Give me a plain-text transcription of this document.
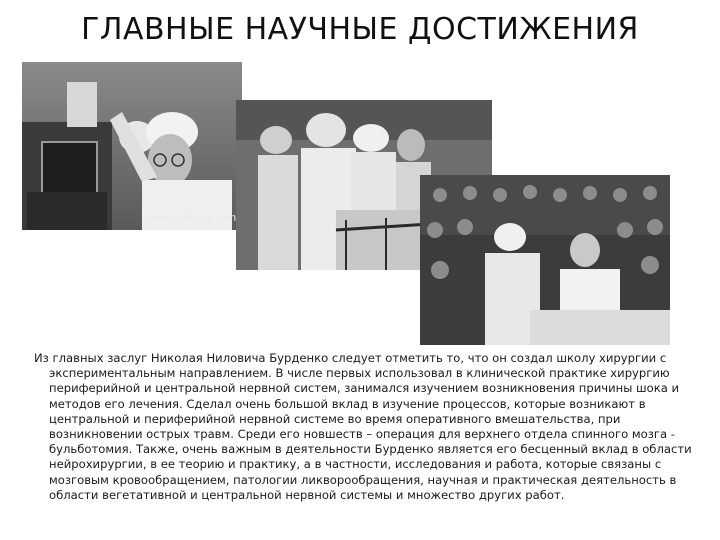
ГЛАВНЫЕ НАУЧНЫЕ ДОСТИЖЕНИЯ
www.toybytoy.com
Из главных заслуг Николая Ниловича Бурденко следует отметить то, что он создал школу хирургии с
экспериментальным направлением. В числе первых использовал в клинической практике хирургию
периферийной и центральной нервной систем, занимался изучением возникновения причины шока и
методов его лечения. Сделал очень большой вклад в изучение процессов, которые возникают в
центральной и периферийной нервной системе во время оперативного вмешательства, при
возникновении острых травм. Среди его новшеств – операция для верхнего отдела спинного мозга -
бульботомия. Также, очень важным в деятельности Бурденко является его бесценный вклад в области
нейрохирургии, в ее теорию и практику, а в частности, исследования и работа, которые связаны с
мозговым кровообращением, патологии ликворообращения, научная и практическая деятельность в
области вегетативной и центральной нервной системы и множество других работ.
